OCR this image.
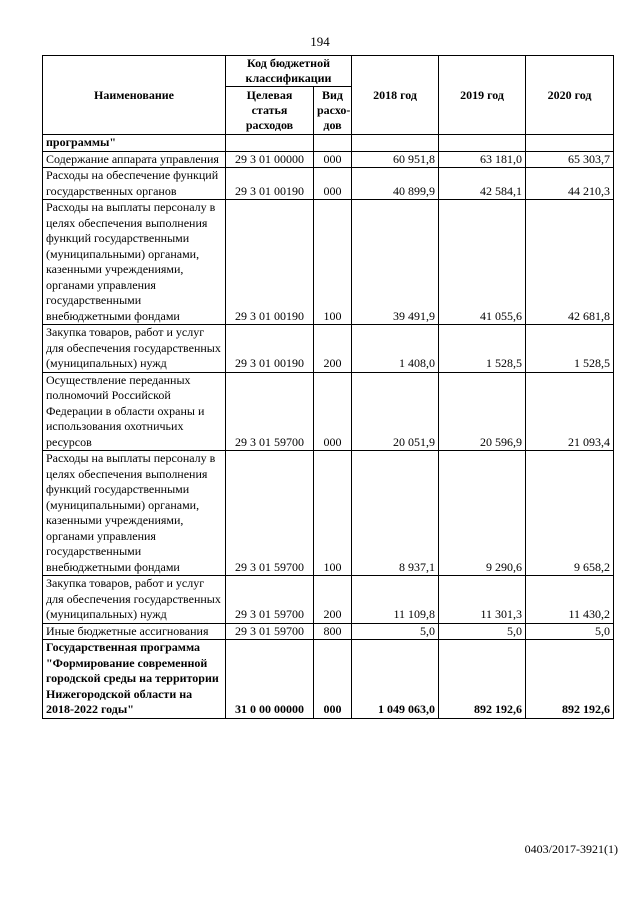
194
Наименование	Код бюджетной классификации		2018 год	2019 год	2020 год
	Целевая статья расходов	Вид расхо-дов			
программы"					
Содержание аппарата управления	29 3 01 00000	000	60 951,8	63 181,0	65 303,7
Расходы на обеспечение функций государственных органов	29 3 01 00190	000	40 899,9	42 584,1	44 210,3
Расходы на выплаты персоналу в целях обеспечения выполнения функций государственными (муниципальными) органами, казенными учреждениями, органами управления государственными внебюджетными фондами	29 3 01 00190	100	39 491,9	41 055,6	42 681,8
Закупка товаров, работ и услуг для обеспечения государственных (муниципальных) нужд	29 3 01 00190	200	1 408,0	1 528,5	1 528,5
Осуществление переданных полномочий Российской Федерации в области охраны и использования охотничьих ресурсов	29 3 01 59700	000	20 051,9	20 596,9	21 093,4
Расходы на выплаты персоналу в целях обеспечения выполнения функций государственными (муниципальными) органами, казенными учреждениями, органами управления государственными внебюджетными фондами	29 3 01 59700	100	8 937,1	9 290,6	9 658,2
Закупка товаров, работ и услуг для обеспечения государственных (муниципальных) нужд	29 3 01 59700	200	11 109,8	11 301,3	11 430,2
Иные бюджетные ассигнования	29 3 01 59700	800	5,0	5,0	5,0
Государственная программа "Формирование современной городской среды на территории Нижегородской области на 2018-2022 годы"	31 0 00 00000	000	1 049 063,0	892 192,6	892 192,6
0403/2017-3921(1)
